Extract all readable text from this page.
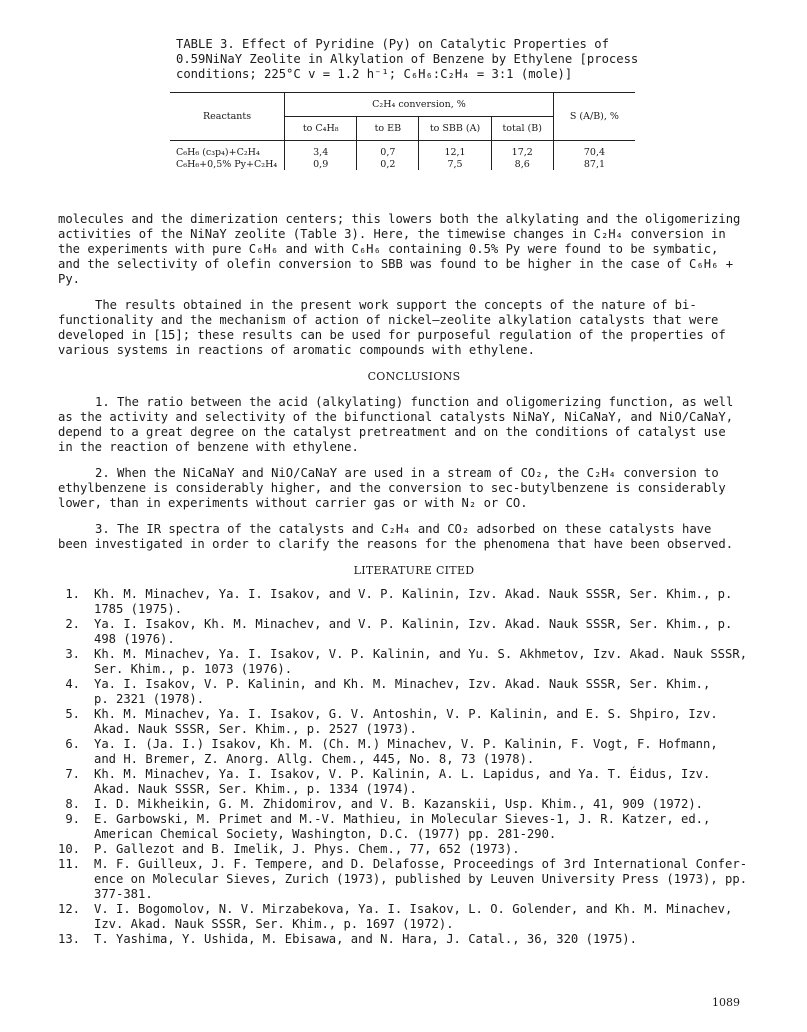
TABLE 3. Effect of Pyridine (Py) on Catalytic Properties of
0.59NiNaY Zeolite in Alkylation of Benzene by Ethylene [process
conditions; 225°C v = 1.2 h⁻¹; C₆H₆:C₂H₄ = 3:1 (mole)]
Reactants	C₂H₄ conversion, %				S (A/B), %
	to C₄H₈	to EB	to SBB (A)	total (B)	
C₆H₆ (c₃p₄)+C₂H₄	3,4	0,7	12,1	17,2	70,4
C₆H₆+0,5% Py+C₂H₄	0,9	0,2	7,5	8,6	87,1

molecules and the dimerization centers; this lowers both the alkylating and the oligomerizing
activities of the NiNaY zeolite (Table 3). Here, the timewise changes in C₂H₄ conversion in
the experiments with pure C₆H₆ and with C₆H₆ containing 0.5% Py were found to be symbatic,
and the selectivity of olefin conversion to SBB was found to be higher in the case of C₆H₆ +
Py.

The results obtained in the present work support the concepts of the nature of bi-
functionality and the mechanism of action of nickel–zeolite alkylation catalysts that were
developed in [15]; these results can be used for purposeful regulation of the properties of
various systems in reactions of aromatic compounds with ethylene.

CONCLUSIONS

1. The ratio between the acid (alkylating) function and oligomerizing function, as well
as the activity and selectivity of the bifunctional catalysts NiNaY, NiCaNaY, and NiO/CaNaY,
depend to a great degree on the catalyst pretreatment and on the conditions of catalyst use
in the reaction of benzene with ethylene.

2. When the NiCaNaY and NiO/CaNaY are used in a stream of CO₂, the C₂H₄ conversion to
ethylbenzene is considerably higher, and the conversion to sec-butylbenzene is considerably
lower, than in experiments without carrier gas or with N₂ or CO.

3. The IR spectra of the catalysts and C₂H₄ and CO₂ adsorbed on these catalysts have
been investigated in order to clarify the reasons for the phenomena that have been observed.

LITERATURE CITED

1. Kh. M. Minachev, Ya. I. Isakov, and V. P. Kalinin, Izv. Akad. Nauk SSSR, Ser. Khim., p.
1785 (1975).
2. Ya. I. Isakov, Kh. M. Minachev, and V. P. Kalinin, Izv. Akad. Nauk SSSR, Ser. Khim., p.
498 (1976).
3. Kh. M. Minachev, Ya. I. Isakov, V. P. Kalinin, and Yu. S. Akhmetov, Izv. Akad. Nauk SSSR,
Ser. Khim., p. 1073 (1976).
4. Ya. I. Isakov, V. P. Kalinin, and Kh. M. Minachev, Izv. Akad. Nauk SSSR, Ser. Khim.,
p. 2321 (1978).
5. Kh. M. Minachev, Ya. I. Isakov, G. V. Antoshin, V. P. Kalinin, and E. S. Shpiro, Izv.
Akad. Nauk SSSR, Ser. Khim., p. 2527 (1973).
6. Ya. I. (Ja. I.) Isakov, Kh. M. (Ch. M.) Minachev, V. P. Kalinin, F. Vogt, F. Hofmann,
and H. Bremer, Z. Anorg. Allg. Chem., 445, No. 8, 73 (1978).
7. Kh. M. Minachev, Ya. I. Isakov, V. P. Kalinin, A. L. Lapidus, and Ya. T. Éidus, Izv.
Akad. Nauk SSSR, Ser. Khim., p. 1334 (1974).
8. I. D. Mikheikin, G. M. Zhidomirov, and V. B. Kazanskii, Usp. Khim., 41, 909 (1972).
9. E. Garbowski, M. Primet and M.-V. Mathieu, in Molecular Sieves-1, J. R. Katzer, ed.,
American Chemical Society, Washington, D.C. (1977) pp. 281-290.
10. P. Gallezot and B. Imelik, J. Phys. Chem., 77, 652 (1973).
11. M. F. Guilleux, J. F. Tempere, and D. Delafosse, Proceedings of 3rd International Confer-
ence on Molecular Sieves, Zurich (1973), published by Leuven University Press (1973), pp.
377-381.
12. V. I. Bogomolov, N. V. Mirzabekova, Ya. I. Isakov, L. O. Golender, and Kh. M. Minachev,
Izv. Akad. Nauk SSSR, Ser. Khim., p. 1697 (1972).
13. T. Yashima, Y. Ushida, M. Ebisawa, and N. Hara, J. Catal., 36, 320 (1975).
1089
